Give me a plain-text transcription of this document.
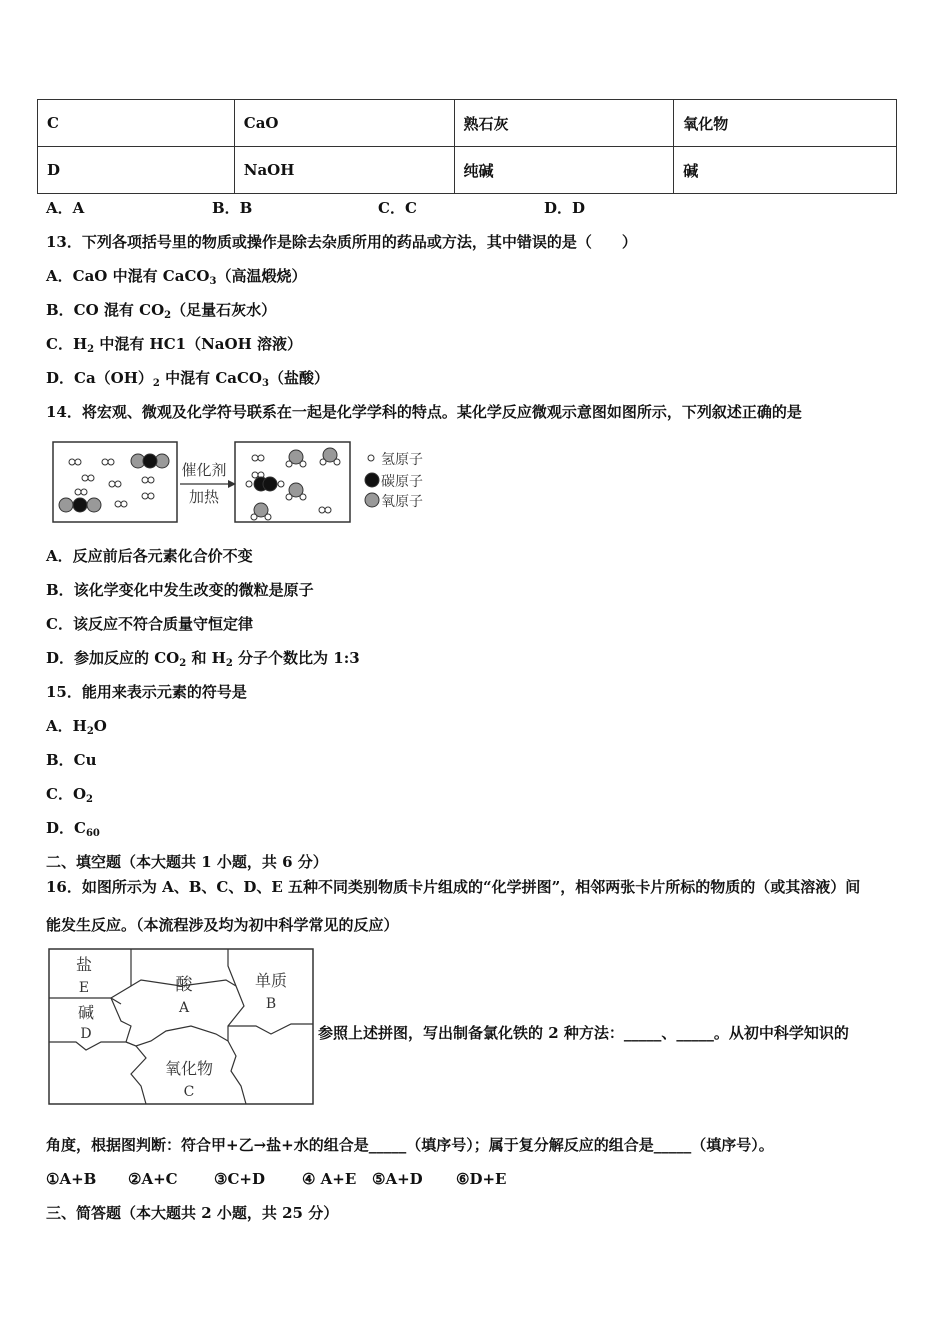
C	CaO	熟石灰	氧化物
D	NaOH	纯碱	碱
A．A	B．B	C．C	D．D
13．下列各项括号里的物质或操作是除去杂质所用的药品或方法，其中错误的是（　　）
A．CaO 中混有 CaCO$_3$（高温煅烧）
B．CO 混有 $CO_2$（足量石灰水）
C．$H_2$ 中混有 HC1（NaOH 溶液）
D．$Ca(OH)_2$ 中混有 CaCO$_3$（盐酸）
14．将宏观、微观及化学符号联系在一起是化学学科的特点。某化学反应微观示意图如图所示，下列叙述正确的是
催化剂
加热
氢原子
碳原子
氧原子
A．反应前后各元素化合价不变
B．该化学变化中发生改变的微粒是原子
C．该反应不符合质量守恒定律
D．参加反应的 $CO_2$ 和 $H_2$ 分子个数比为 1:3
15．能用来表示元素的符号是
A．$H_2O$
B．Cu
C．$O_2$
D．$C_{60}$
二、填空题（本大题共 1 小题，共 6 分）
16．如图所示为 A、B、C、D、E 五种不同类别物质卡片组成的“化学拼图”，相邻两张卡片所标的物质的（或其溶液）间
能发生反应。（本流程涉及均为初中科学常见的反应）
盐
E
碱
D
酸
A
单质
B
氧化物
C
参照上述拼图，写出制备氯化铁的 2 种方法：_____、_____。从初中科学知识的
角度，根据图判断：符合甲+乙→盐+水的组合是_____（填序号）；属于复分解反应的组合是_____（填序号）。
①A+B ②A+C ③C+D ④ A+E ⑤A+D ⑥D+E
三、简答题（本大题共 2 小题，共 25 分）
